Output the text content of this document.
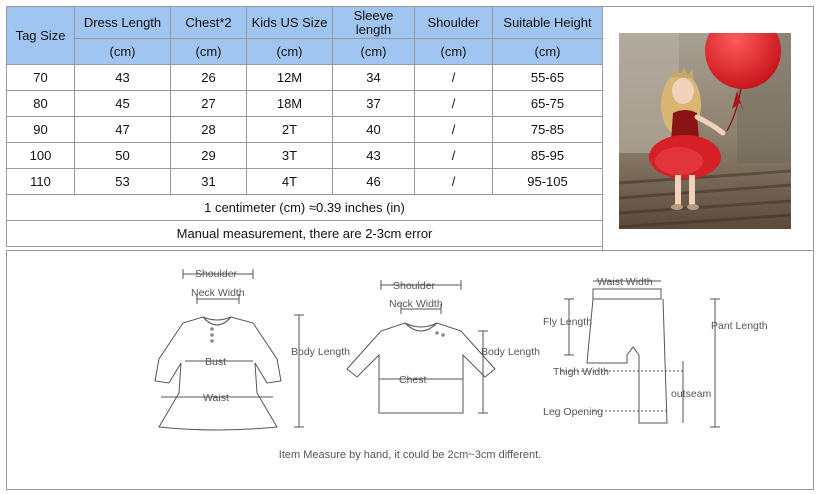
Tag Size	Dress Length	Chest*2	Kids US Size	Sleeve length	Shoulder	Suitable Height
	(cm)	(cm)	(cm)	(cm)	(cm)	(cm)
70	43	26	12M	34	/	55-65
80	45	27	18M	37	/	65-75
90	47	28	2T	40	/	75-85
100	50	29	3T	43	/	85-95
110	53	31	4T	46	/	95-105
1 centimeter (cm) ≈0.39 inches (in)						
Manual measurement, there are 2-3cm error						
Shoulder
Neck Width
Bust
Waist
Body Length
Shoulder
Neck Width
Chest
Body Length
Waist Width
Fly Length
Thigh Width
Leg Opening
Pant Length
outseam
Item Measure by hand, it could be 2cm~3cm different.
